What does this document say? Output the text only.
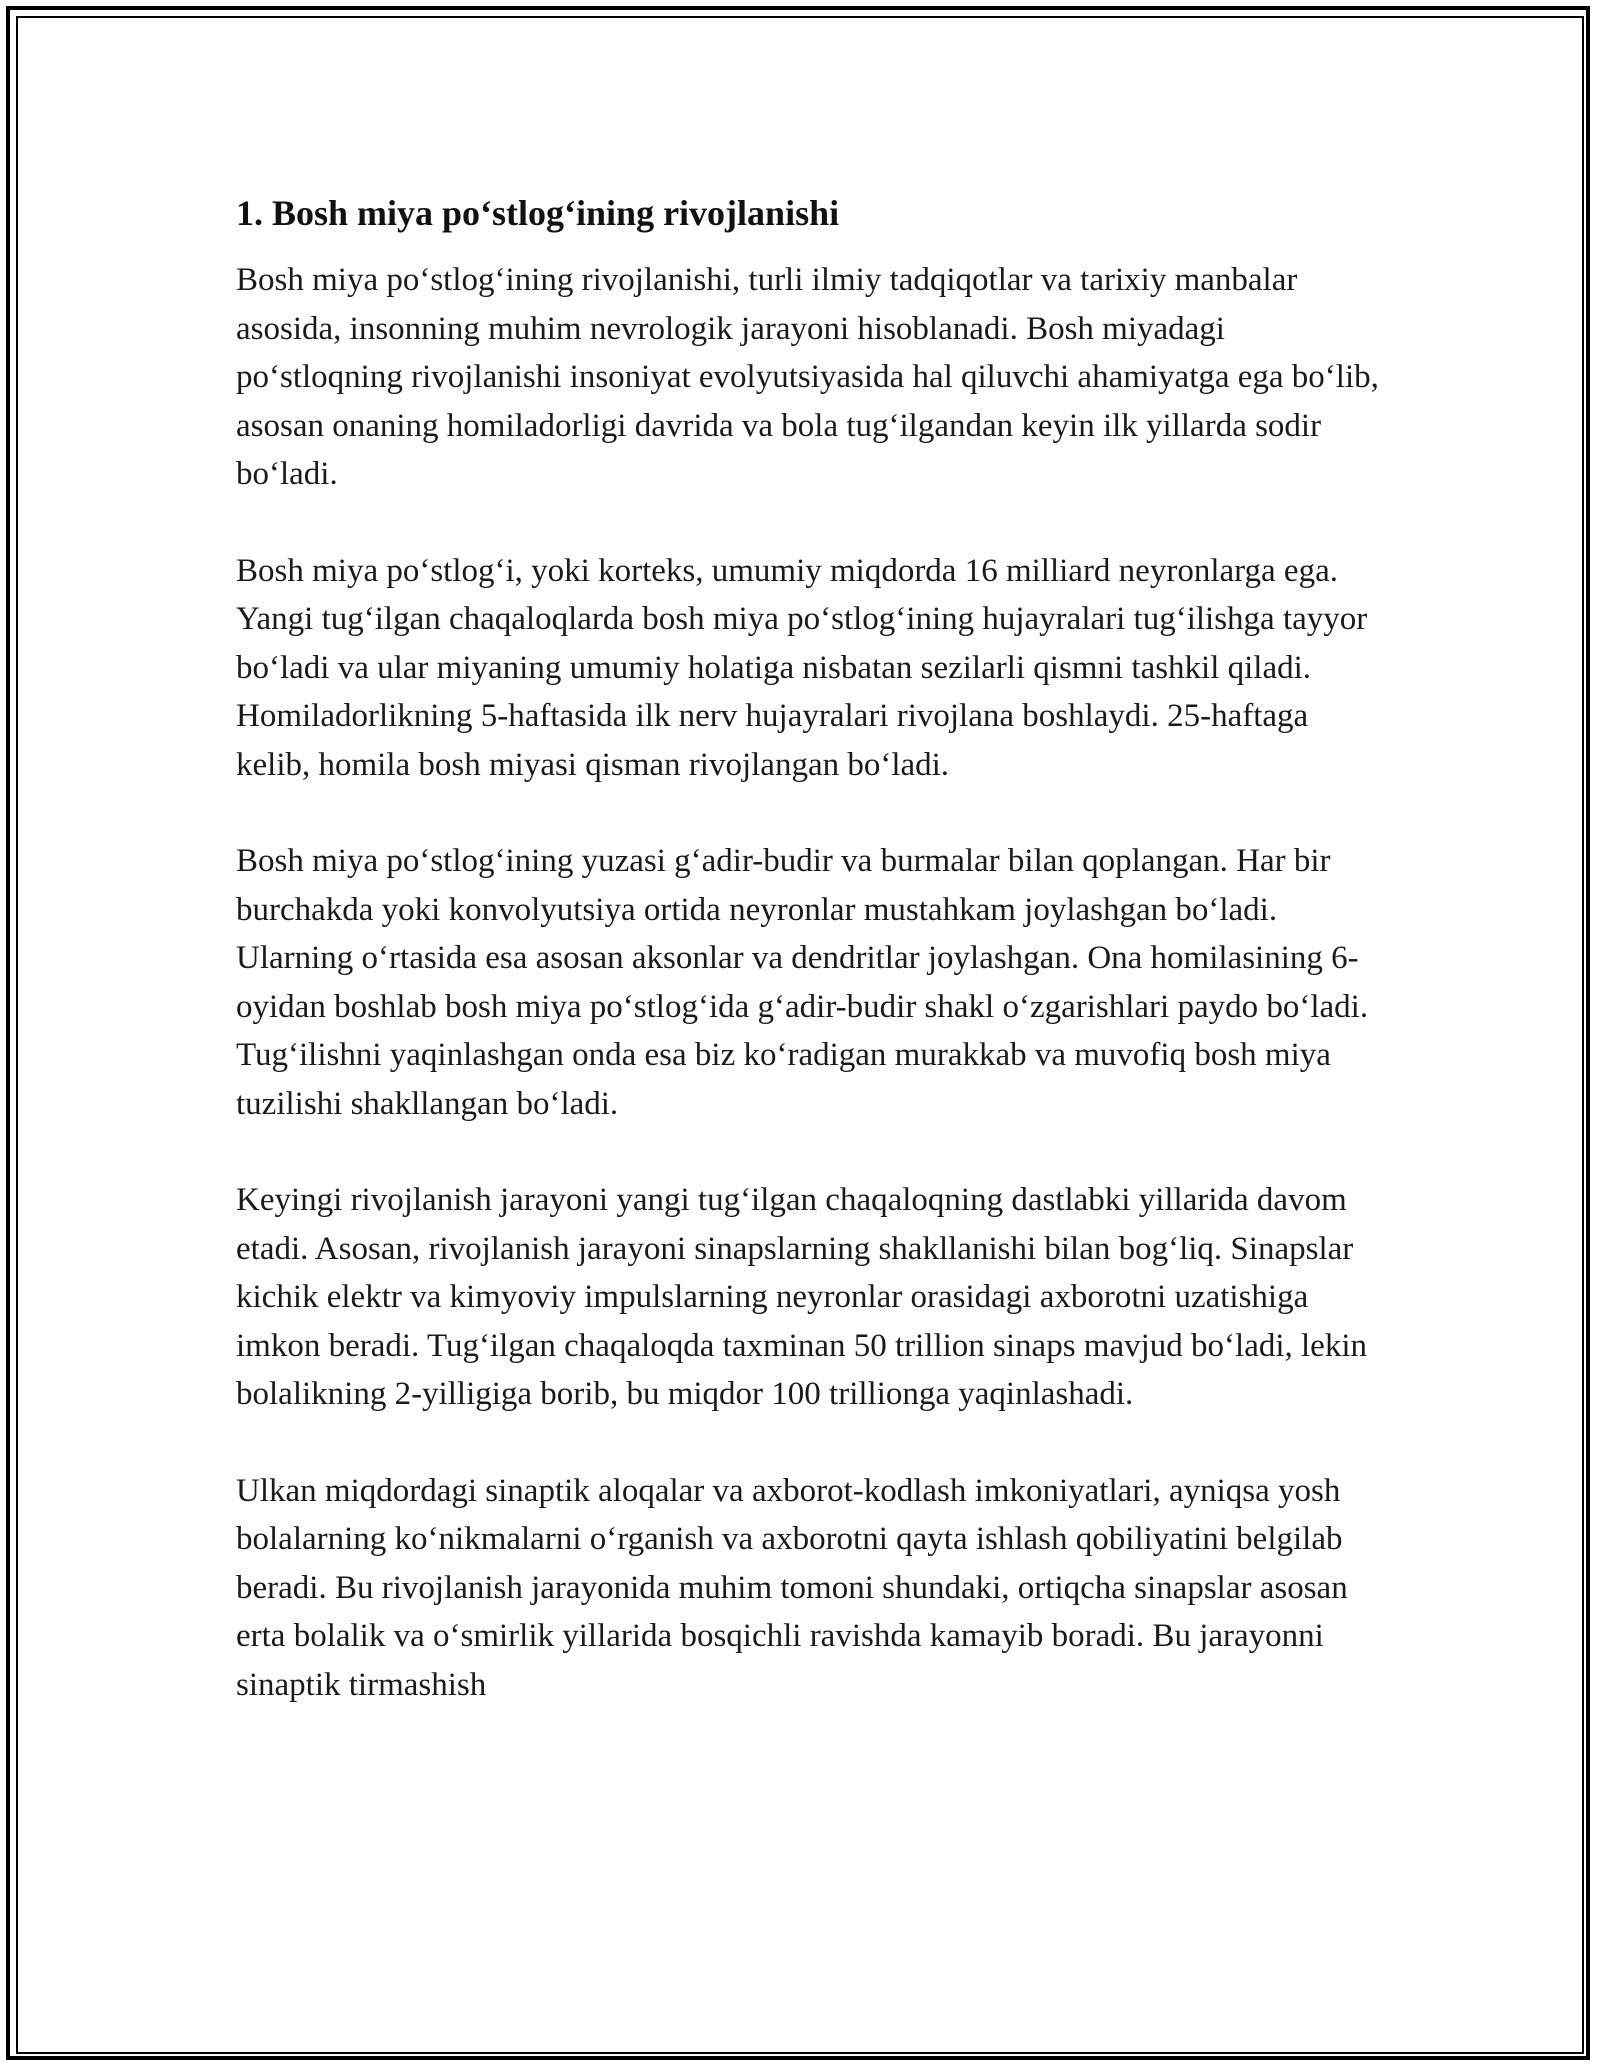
1. Bosh miya po‘stlog‘ining rivojlanishi

Bosh miya po‘stlog‘ining rivojlanishi, turli ilmiy tadqiqotlar va tarixiy manbalar asosida, insonning muhim nevrologik jarayoni hisoblanadi. Bosh miyadagi po‘stloqning rivojlanishi insoniyat evolyutsiyasida hal qiluvchi ahamiyatga ega bo‘lib, asosan onaning homiladorligi davrida va bola tug‘ilgandan keyin ilk yillarda sodir bo‘ladi.

Bosh miya po‘stlog‘i, yoki korteks, umumiy miqdorda 16 milliard neyronlarga ega. Yangi tug‘ilgan chaqaloqlarda bosh miya po‘stlog‘ining hujayralari tug‘ilishga tayyor bo‘ladi va ular miyaning umumiy holatiga nisbatan sezilarli qismni tashkil qiladi. Homiladorlikning 5-haftasida ilk nerv hujayralari rivojlana boshlaydi. 25-haftaga kelib, homila bosh miyasi qisman rivojlangan bo‘ladi.

Bosh miya po‘stlog‘ining yuzasi g‘adir-budir va burmalar bilan qoplangan. Har bir burchakda yoki konvolyutsiya ortida neyronlar mustahkam joylashgan bo‘ladi. Ularning o‘rtasida esa asosan aksonlar va dendritlar joylashgan. Ona homilasining 6-oyidan boshlab bosh miya po‘stlog‘ida g‘adir-budir shakl o‘zgarishlari paydo bo‘ladi. Tug‘ilishni yaqinlashgan onda esa biz ko‘radigan murakkab va muvofiq bosh miya tuzilishi shakllangan bo‘ladi.

Keyingi rivojlanish jarayoni yangi tug‘ilgan chaqaloqning dastlabki yillarida davom etadi. Asosan, rivojlanish jarayoni sinapslarning shakllanishi bilan bog‘liq. Sinapslar kichik elektr va kimyoviy impulslarning neyronlar orasidagi axborotni uzatishiga imkon beradi. Tug‘ilgan chaqaloqda taxminan 50 trillion sinaps mavjud bo‘ladi, lekin bolalikning 2-yilligiga borib, bu miqdor 100 trillionga yaqinlashadi.

Ulkan miqdordagi sinaptik aloqalar va axborot-kodlash imkoniyatlari, ayniqsa yosh bolalarning ko‘nikmalarni o‘rganish va axborotni qayta ishlash qobiliyatini belgilab beradi. Bu rivojlanish jarayonida muhim tomoni shundaki, ortiqcha sinapslar asosan erta bolalik va o‘smirlik yillarida bosqichli ravishda kamayib boradi. Bu jarayonni sinaptik tirmashish
